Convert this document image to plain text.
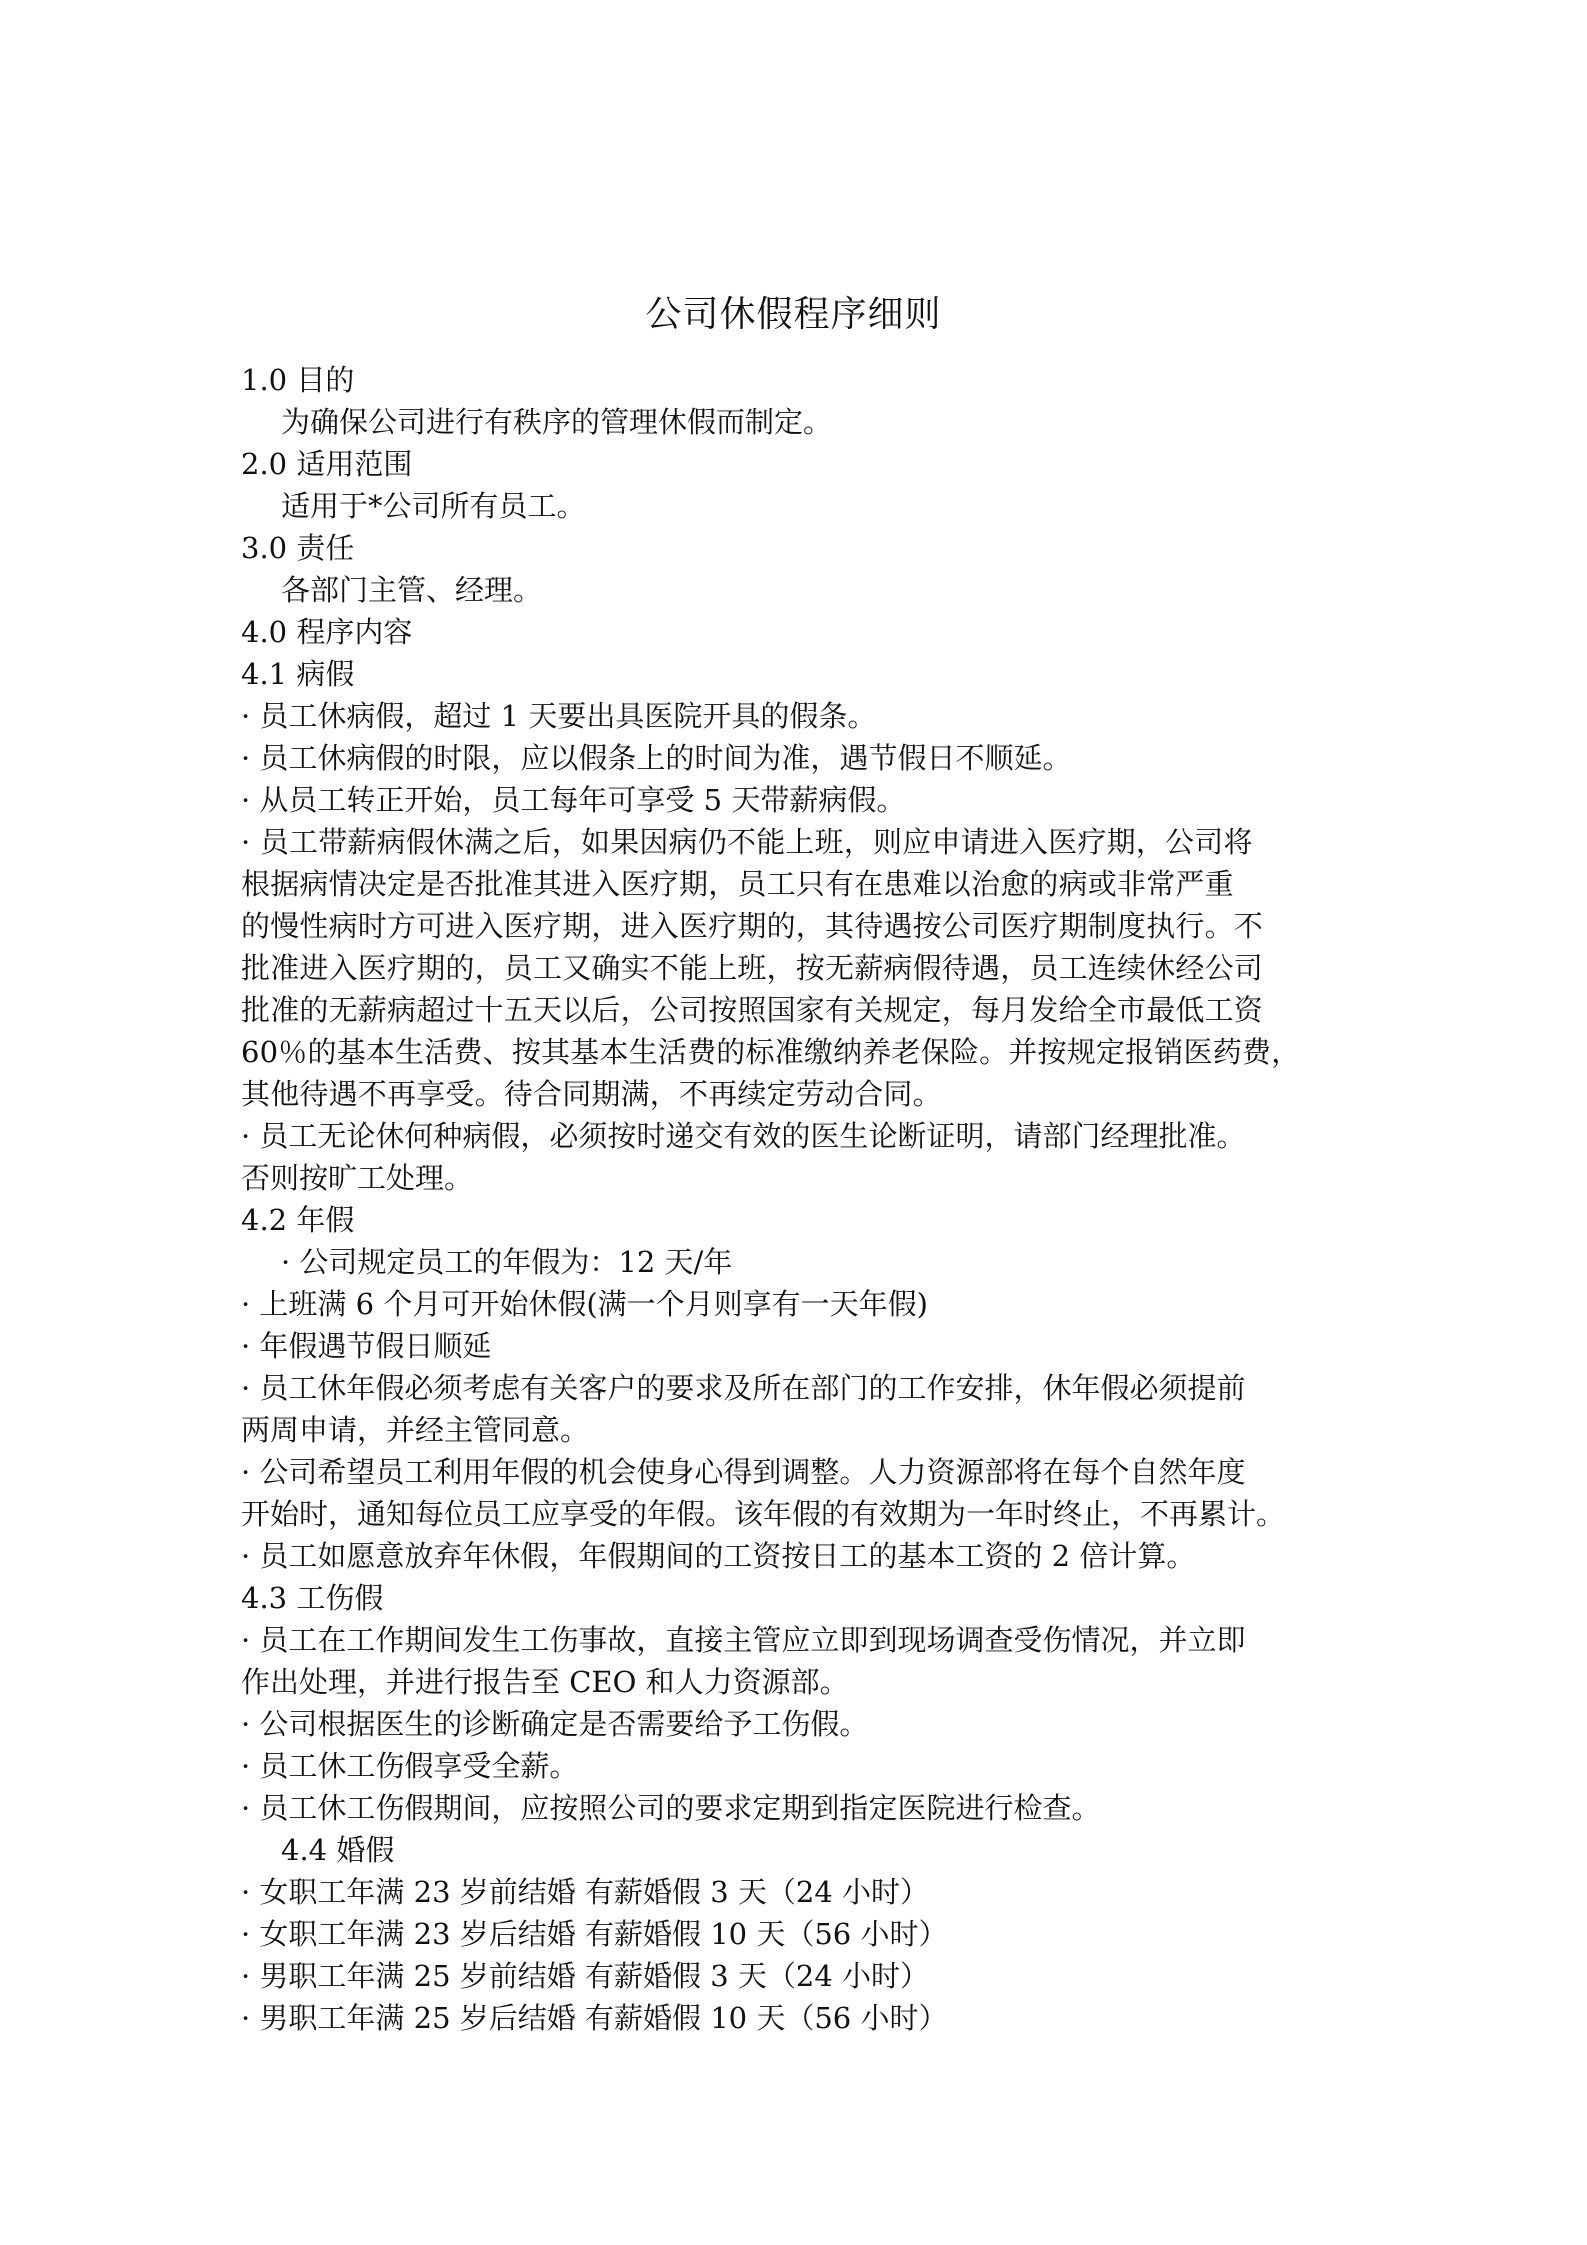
公司休假程序细则
1.0 目的
为确保公司进行有秩序的管理休假而制定。
2.0 适用范围
适用于*公司所有员工。
3.0 责任
各部门主管、经理。
4.0 程序内容
4.1 病假
· 员工休病假，超过 1 天要出具医院开具的假条。
· 员工休病假的时限，应以假条上的时间为准，遇节假日不顺延。
· 从员工转正开始，员工每年可享受 5 天带薪病假。
· 员工带薪病假休满之后，如果因病仍不能上班，则应申请进入医疗期，公司将
根据病情决定是否批准其进入医疗期，员工只有在患难以治愈的病或非常严重
的慢性病时方可进入医疗期，进入医疗期的，其待遇按公司医疗期制度执行。不
批准进入医疗期的，员工又确实不能上班，按无薪病假待遇，员工连续休经公司
批准的无薪病超过十五天以后，公司按照国家有关规定，每月发给全市最低工资
60％的基本生活费、按其基本生活费的标准缴纳养老保险。并按规定报销医药费，
其他待遇不再享受。待合同期满，不再续定劳动合同。
· 员工无论休何种病假，必须按时递交有效的医生论断证明，请部门经理批准。
否则按旷工处理。
4.2 年假
· 公司规定员工的年假为：12 天/年
· 上班满 6 个月可开始休假(满一个月则享有一天年假)
· 年假遇节假日顺延
· 员工休年假必须考虑有关客户的要求及所在部门的工作安排，休年假必须提前
两周申请，并经主管同意。
· 公司希望员工利用年假的机会使身心得到调整。人力资源部将在每个自然年度
开始时，通知每位员工应享受的年假。该年假的有效期为一年时终止，不再累计。
· 员工如愿意放弃年休假，年假期间的工资按日工的基本工资的 2 倍计算。
4.3 工伤假
· 员工在工作期间发生工伤事故，直接主管应立即到现场调查受伤情况，并立即
作出处理，并进行报告至 CEO 和人力资源部。
· 公司根据医生的诊断确定是否需要给予工伤假。
· 员工休工伤假享受全薪。
· 员工休工伤假期间，应按照公司的要求定期到指定医院进行检查。
4.4 婚假
· 女职工年满 23 岁前结婚 有薪婚假 3 天（24 小时）
· 女职工年满 23 岁后结婚 有薪婚假 10 天（56 小时）
· 男职工年满 25 岁前结婚 有薪婚假 3 天（24 小时）
· 男职工年满 25 岁后结婚 有薪婚假 10 天（56 小时）
